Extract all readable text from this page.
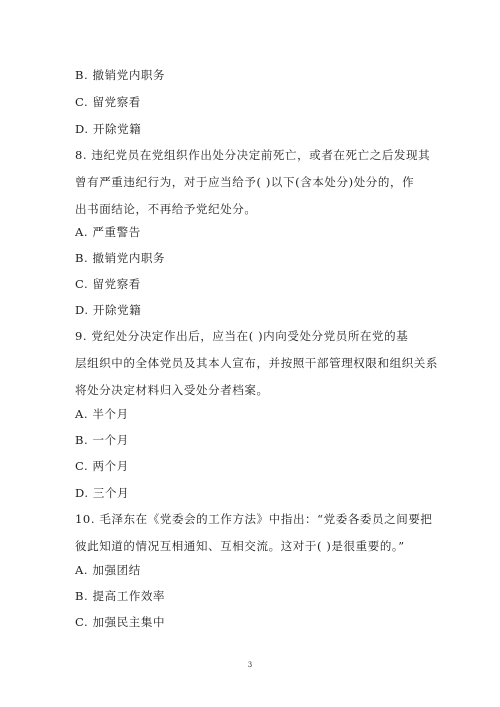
B. 撤销党内职务
C. 留党察看
D. 开除党籍
8. 违纪党员在党组织作出处分决定前死亡，或者在死亡之后发现其
曾有严重违纪行为，对于应当给予( )以下(含本处分)处分的，作
出书面结论，不再给予党纪处分。
A. 严重警告
B. 撤销党内职务
C. 留党察看
D. 开除党籍
9. 党纪处分决定作出后，应当在( )内向受处分党员所在党的基
层组织中的全体党员及其本人宣布，并按照干部管理权限和组织关系
将处分决定材料归入受处分者档案。
A. 半个月
B. 一个月
C. 两个月
D. 三个月
10. 毛泽东在《党委会的工作方法》中指出：“党委各委员之间要把
彼此知道的情况互相通知、互相交流。这对于( )是很重要的。”
A. 加强团结
B. 提高工作效率
C. 加强民主集中
3
